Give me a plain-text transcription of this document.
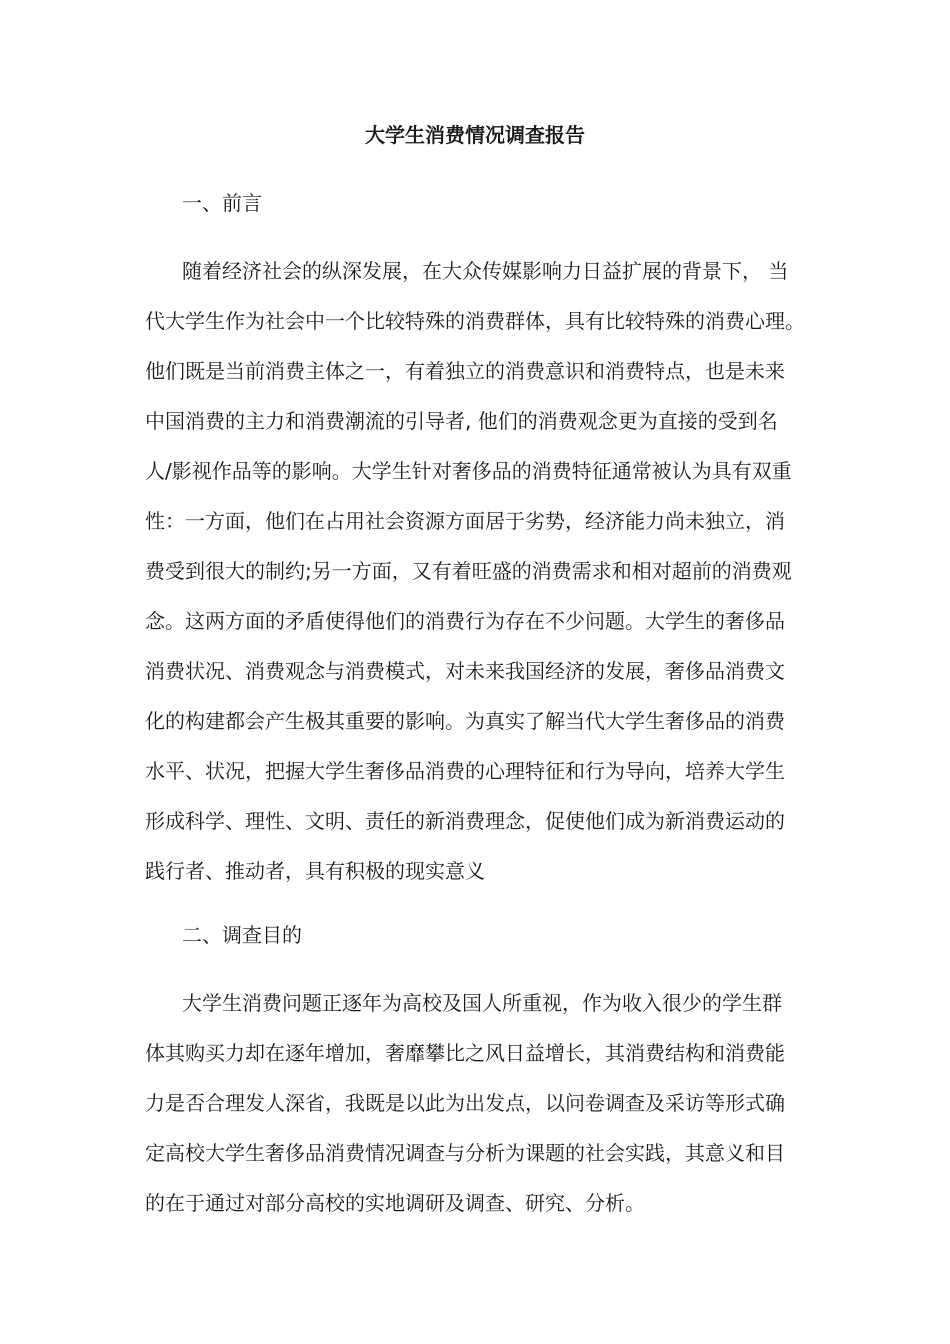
大学生消费情况调查报告
一、前言
随着经济社会的纵深发展，在大众传媒影响力日益扩展的背景下， 当
代大学生作为社会中一个比较特殊的消费群体，具有比较特殊的消费心理。
他们既是当前消费主体之一，有着独立的消费意识和消费特点，也是未来
中国消费的主力和消费潮流的引导者, 他们的消费观念更为直接的受到名
人/影视作品等的影响。大学生针对奢侈品的消费特征通常被认为具有双重
性：一方面，他们在占用社会资源方面居于劣势，经济能力尚未独立，消
费受到很大的制约;另一方面，又有着旺盛的消费需求和相对超前的消费观
念。这两方面的矛盾使得他们的消费行为存在不少问题。大学生的奢侈品
消费状况、消费观念与消费模式，对未来我国经济的发展，奢侈品消费文
化的构建都会产生极其重要的影响。为真实了解当代大学生奢侈品的消费
水平、状况，把握大学生奢侈品消费的心理特征和行为导向，培养大学生
形成科学、理性、文明、责任的新消费理念，促使他们成为新消费运动的
践行者、推动者，具有积极的现实意义
二、调查目的
大学生消费问题正逐年为高校及国人所重视，作为收入很少的学生群
体其购买力却在逐年增加，奢靡攀比之风日益增长，其消费结构和消费能
力是否合理发人深省，我既是以此为出发点，以问卷调查及采访等形式确
定高校大学生奢侈品消费情况调查与分析为课题的社会实践，其意义和目
的在于通过对部分高校的实地调研及调查、研究、分析。
